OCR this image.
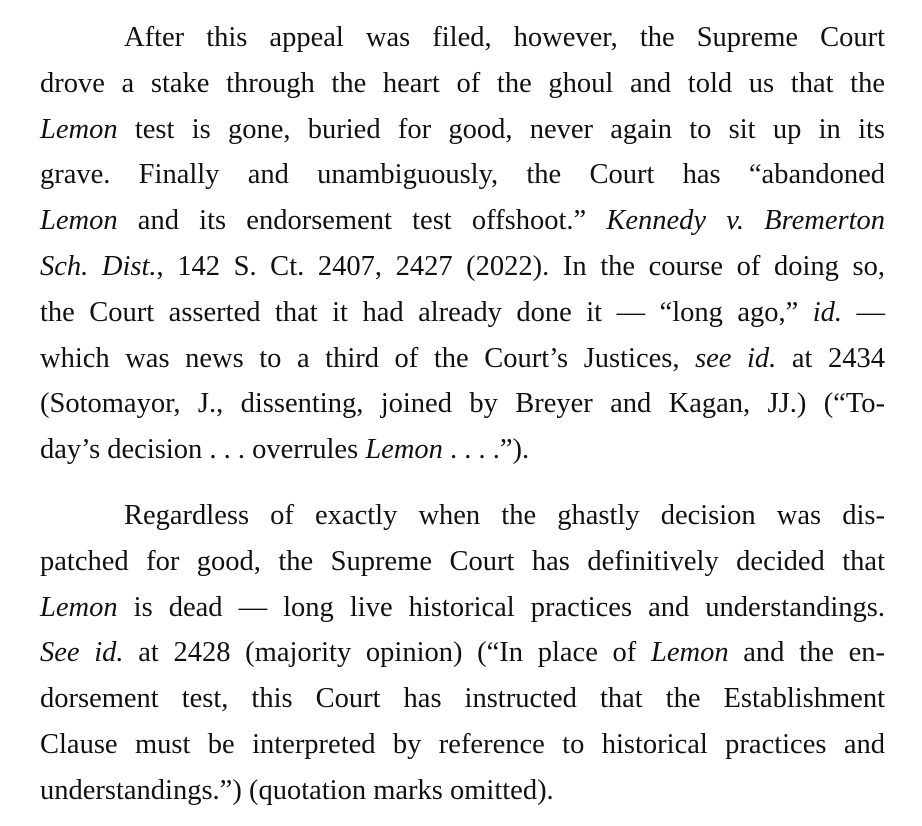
After this appeal was filed, however, the Supreme Court
drove a stake through the heart of the ghoul and told us that the
Lemon test is gone, buried for good, never again to sit up in its
grave. Finally and unambiguously, the Court has “abandoned
Lemon and its endorsement test offshoot.” Kennedy v. Bremerton
Sch. Dist., 142 S. Ct. 2407, 2427 (2022). In the course of doing so,
the Court asserted that it had already done it — “long ago,” id. —
which was news to a third of the Court’s Justices, see id. at 2434
(Sotomayor, J., dissenting, joined by Breyer and Kagan, JJ.) (“To-
day’s decision . . . overrules Lemon . . . .”).
Regardless of exactly when the ghastly decision was dis-
patched for good, the Supreme Court has definitively decided that
Lemon is dead — long live historical practices and understandings.
See id. at 2428 (majority opinion) (“In place of Lemon and the en-
dorsement test, this Court has instructed that the Establishment
Clause must be interpreted by reference to historical practices and
understandings.”) (quotation marks omitted).
